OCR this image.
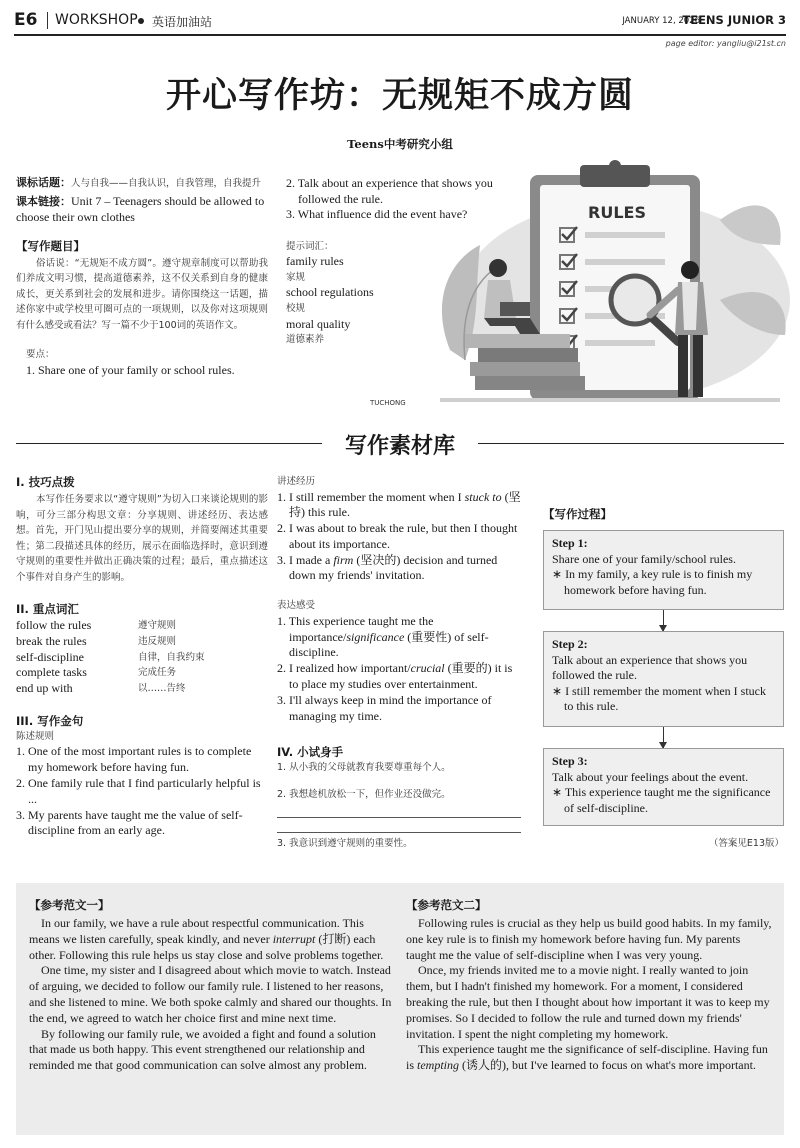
E6 WORKSHOP 英语加油站	JANUARY 12, 2026
TEENS JUNIOR 3
page editor: yangliu@i21st.cn
开心写作坊：无规矩不成方圆
Teens中考研究小组
课标话题：人与自我——自我认识，自我管理，自我提升
课本链接：Unit 7 – Teenagers should be allowed to choose their own clothes
【写作题目】
俗话说：“无规矩不成方圆”。遵守规章制度可以帮助我们养成文明习惯，提高道德素养，这不仅关系到自身的健康成长，更关系到社会的发展和进步。请你围绕这一话题，描述你家中或学校里可圈可点的一项规则，以及你对这项规则有什么感受或看法？写一篇不少于100词的英语作文。
要点：
1. Share one of your family or school rules.
2. Talk about an experience that shows you followed the rule.
3. What influence did the event have?
提示词汇：
family rules
家规
school regulations
校规
moral quality
道德素养
RULES
TUCHONG
写作素材库
I. 技巧点拨
本写作任务要求以“遵守规则”为切入口来谈论规则的影响，可分三部分构思文章：分享规则、讲述经历、表达感想。首先，开门见山提出要分享的规则，并简要阐述其重要性；第二段描述具体的经历，展示在面临选择时，意识到遵守规则的重要性并做出正确决策的过程；最后，重点描述这个事件对自身产生的影响。
II. 重点词汇
follow the rules	遵守规则
break the rules	违反规则
self-discipline	自律，自我约束
complete tasks	完成任务
end up with	以……告终
III. 写作金句
陈述规则
1. One of the most important rules is to complete my homework before having fun.
2. One family rule that I find particularly helpful is ...
3. My parents have taught me the value of self-discipline from an early age.
讲述经历
1. I still remember the moment when I stuck to (坚持) this rule.
2. I was about to break the rule, but then I thought about its importance.
3. I made a firm (坚决的) decision and turned down my friends' invitation.
表达感受
1. This experience taught me the importance/significance (重要性) of self-discipline.
2. I realized how important/crucial (重要的) it is to place my studies over entertainment.
3. I'll always keep in mind the importance of managing my time.
IV. 小试身手
1. 从小我的父母就教育我要尊重每个人。
2. 我想趁机放松一下，但作业还没做完。
3. 我意识到遵守规则的重要性。
【写作过程】
Step 1:
Share one of your family/school rules.
∗ In my family, a key rule is to finish my homework before having fun.
Step 2:
Talk about an experience that shows you followed the rule.
∗ I still remember the moment when I stuck to this rule.
Step 3:
Talk about your feelings about the event.
∗ This experience taught me the significance of self-discipline.
（答案见E13版）
【参考范文一】
In our family, we have a rule about respectful communication. This means we listen carefully, speak kindly, and never interrupt (打断) each other. Following this rule helps us stay close and solve problems together.
One time, my sister and I disagreed about which movie to watch. Instead of arguing, we decided to follow our family rule. I listened to her reasons, and she listened to mine. We both spoke calmly and shared our thoughts. In the end, we agreed to watch her choice first and mine next time.
By following our family rule, we avoided a fight and found a solution that made us both happy. This event strengthened our relationship and reminded me that good communication can solve almost any problem.
【参考范文二】
Following rules is crucial as they help us build good habits. In my family, one key rule is to finish my homework before having fun. My parents taught me the value of self-discipline when I was very young.
Once, my friends invited me to a movie night. I really wanted to join them, but I hadn't finished my homework. For a moment, I considered breaking the rule, but then I thought about how important it was to keep my promises. So I decided to follow the rule and turned down my friends' invitation. I spent the night completing my homework.
This experience taught me the significance of self-discipline. Having fun is tempting (诱人的), but I've learned to focus on what's more important.
